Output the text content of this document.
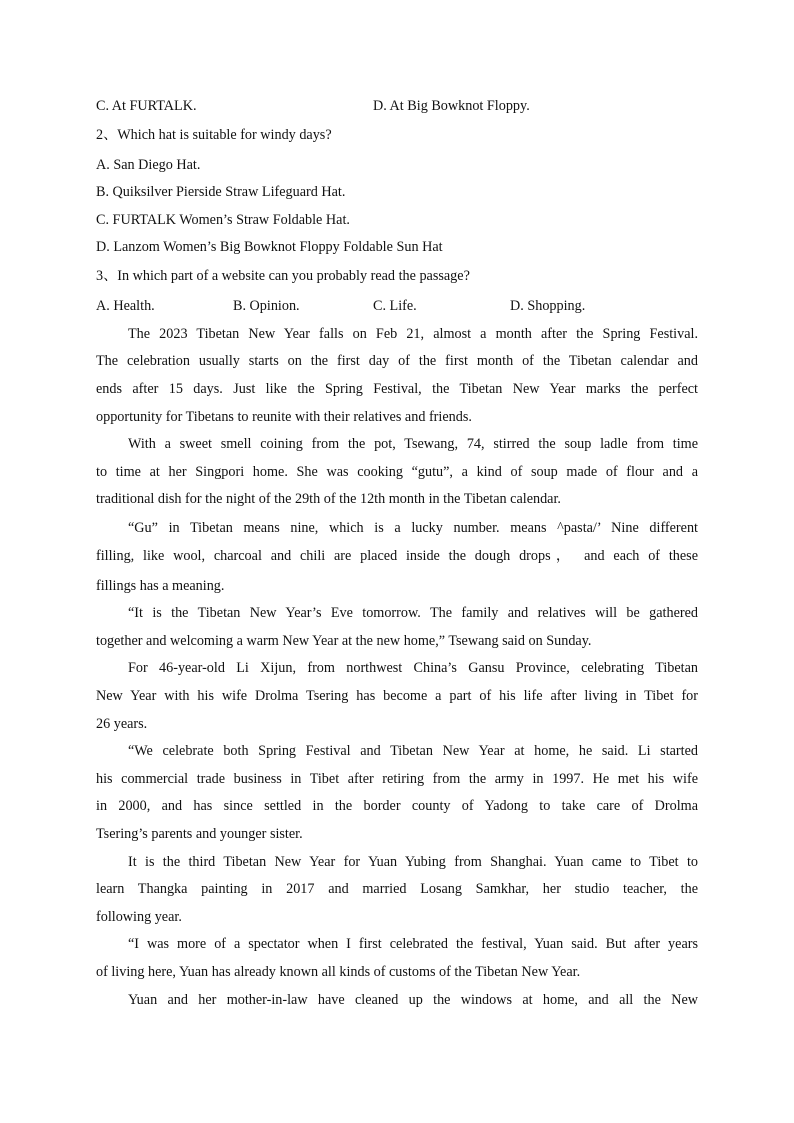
C. At FURTALK.	D. At Big Bowknot Floppy.
2、Which hat is suitable for windy days?
A. San Diego Hat.
B. Quiksilver Pierside Straw Lifeguard Hat.
C. FURTALK Women’s Straw Foldable Hat.
D. Lanzom Women’s Big Bowknot Floppy Foldable Sun Hat
3、In which part of a website can you probably read the passage?
A. Health.	B. Opinion.	C. Life.	D. Shopping.
The 2023 Tibetan New Year falls on Feb 21, almost a month after the Spring Festival.
The celebration usually starts on the first day of the first month of the Tibetan calendar and
ends after 15 days. Just like the Spring Festival, the Tibetan New Year marks the perfect
opportunity for Tibetans to reunite with their relatives and friends.
With a sweet smell coining from the pot, Tsewang, 74, stirred the soup ladle from time
to time at her Singpori home. She was cooking “gutu”, a kind of soup made of flour and a
traditional dish for the night of the 29th of the 12th month in the Tibetan calendar.
“Gu” in Tibetan means nine, which is a lucky number. means ^pasta/’ Nine different
filling, like wool, charcoal and chili are placed inside the dough drops， and each of these
fillings has a meaning.
“It is the Tibetan New Year’s Eve tomorrow. The family and relatives will be gathered
together and welcoming a warm New Year at the new home,” Tsewang said on Sunday.
For 46-year-old Li Xijun, from northwest China’s Gansu Province, celebrating Tibetan
New Year with his wife Drolma Tsering has become a part of his life after living in Tibet for
26 years.
“We celebrate both Spring Festival and Tibetan New Year at home, he said. Li started
his commercial trade business in Tibet after retiring from the army in 1997. He met his wife
in 2000, and has since settled in the border county of Yadong to take care of Drolma
Tsering’s parents and younger sister.
It is the third Tibetan New Year for Yuan Yubing from Shanghai. Yuan came to Tibet to
learn Thangka painting in 2017 and married Losang Samkhar, her studio teacher, the
following year.
“I was more of a spectator when I first celebrated the festival, Yuan said. But after years
of living here, Yuan has already known all kinds of customs of the Tibetan New Year.
Yuan and her mother-in-law have cleaned up the windows at home, and all the New
